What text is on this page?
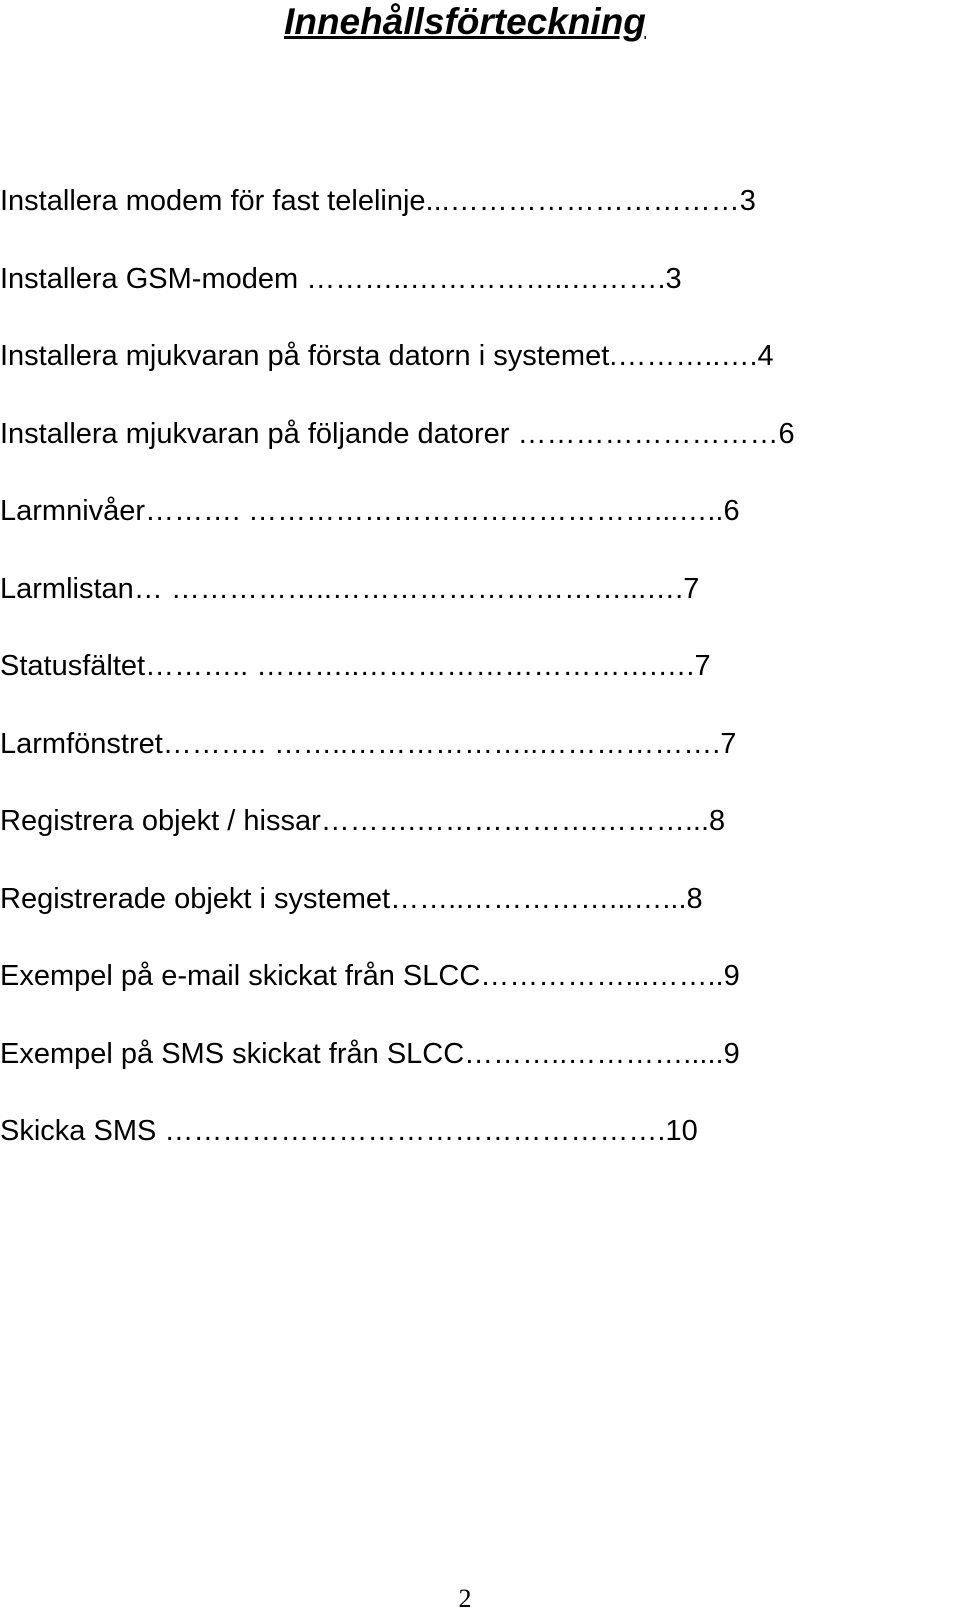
Innehållsförteckning
Installera modem för fast telelinje...…………………………3
Installera GSM-modem ………..……………..……….3
Installera mjukvaran på första datorn i systemet.………..….4
Installera mjukvaran på följande datorer ………………………6
Larmnivåer………. ……………………………………...…..6
Larmlistan… ……………..…………………………...….7
Statusfältet……….. ………..………………………….….7
Larmfönstret……….. ……..………………..……………….7
Registrera objekt / hissar……….……………….………...8
Registrerade objekt i systemet……..……………...…...8
Exempel på e-mail skickat från SLCC……………...……..9
Exempel på SMS skickat från SLCC………..………….....9
Skicka SMS …………………………………………….10
2
